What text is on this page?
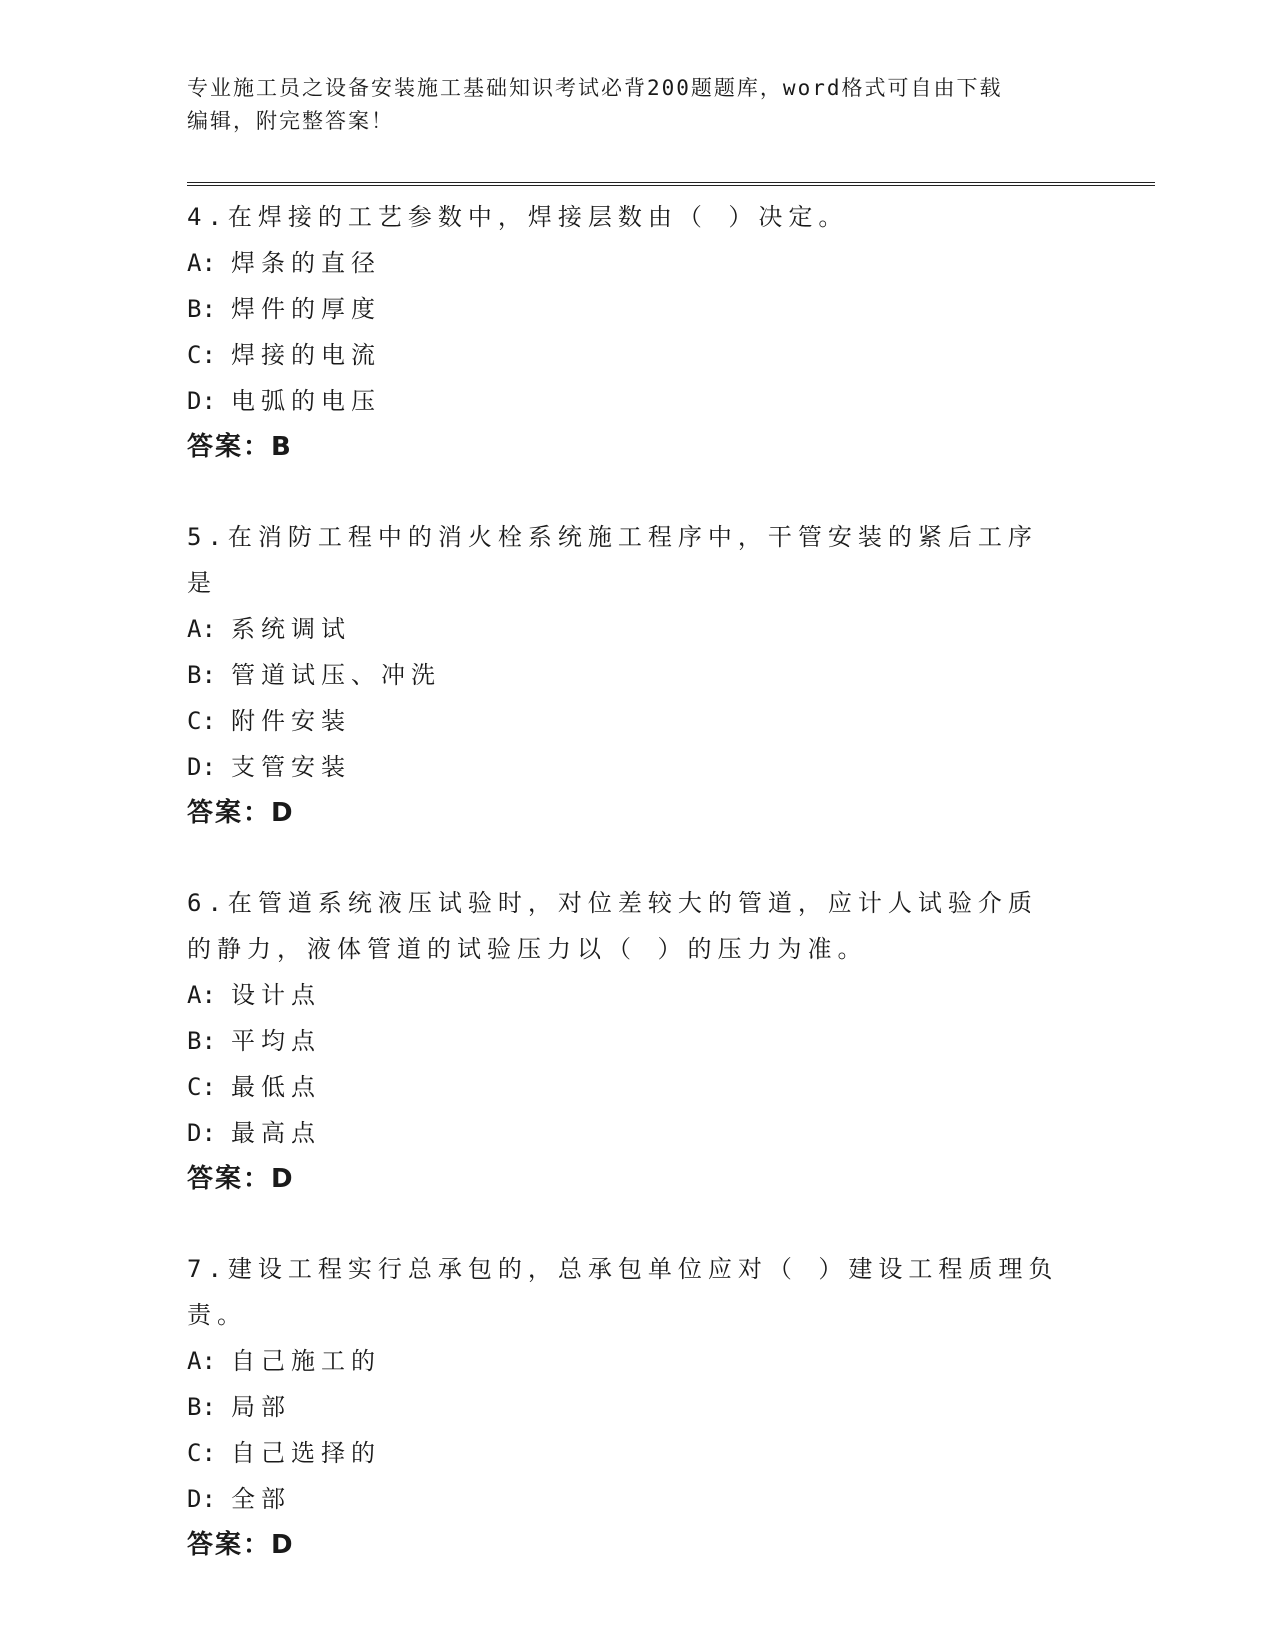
专业施工员之设备安装施工基础知识考试必背200题题库，word格式可自由下载
编辑，附完整答案！
4.在焊接的工艺参数中，焊接层数由（ ）决定。
A: 焊条的直径
B: 焊件的厚度
C: 焊接的电流
D: 电弧的电压
答案：B
5.在消防工程中的消火栓系统施工程序中，干管安装的紧后工序是
A: 系统调试
B: 管道试压、冲洗
C: 附件安装
D: 支管安装
答案：D
6.在管道系统液压试验时，对位差较大的管道，应计人试验介质的静力，液体管道的试验压力以（ ）的压力为准。
A: 设计点
B: 平均点
C: 最低点
D: 最高点
答案：D
7.建设工程实行总承包的，总承包单位应对（ ）建设工程质理负责。
A: 自己施工的
B: 局部
C: 自己选择的
D: 全部
答案：D
